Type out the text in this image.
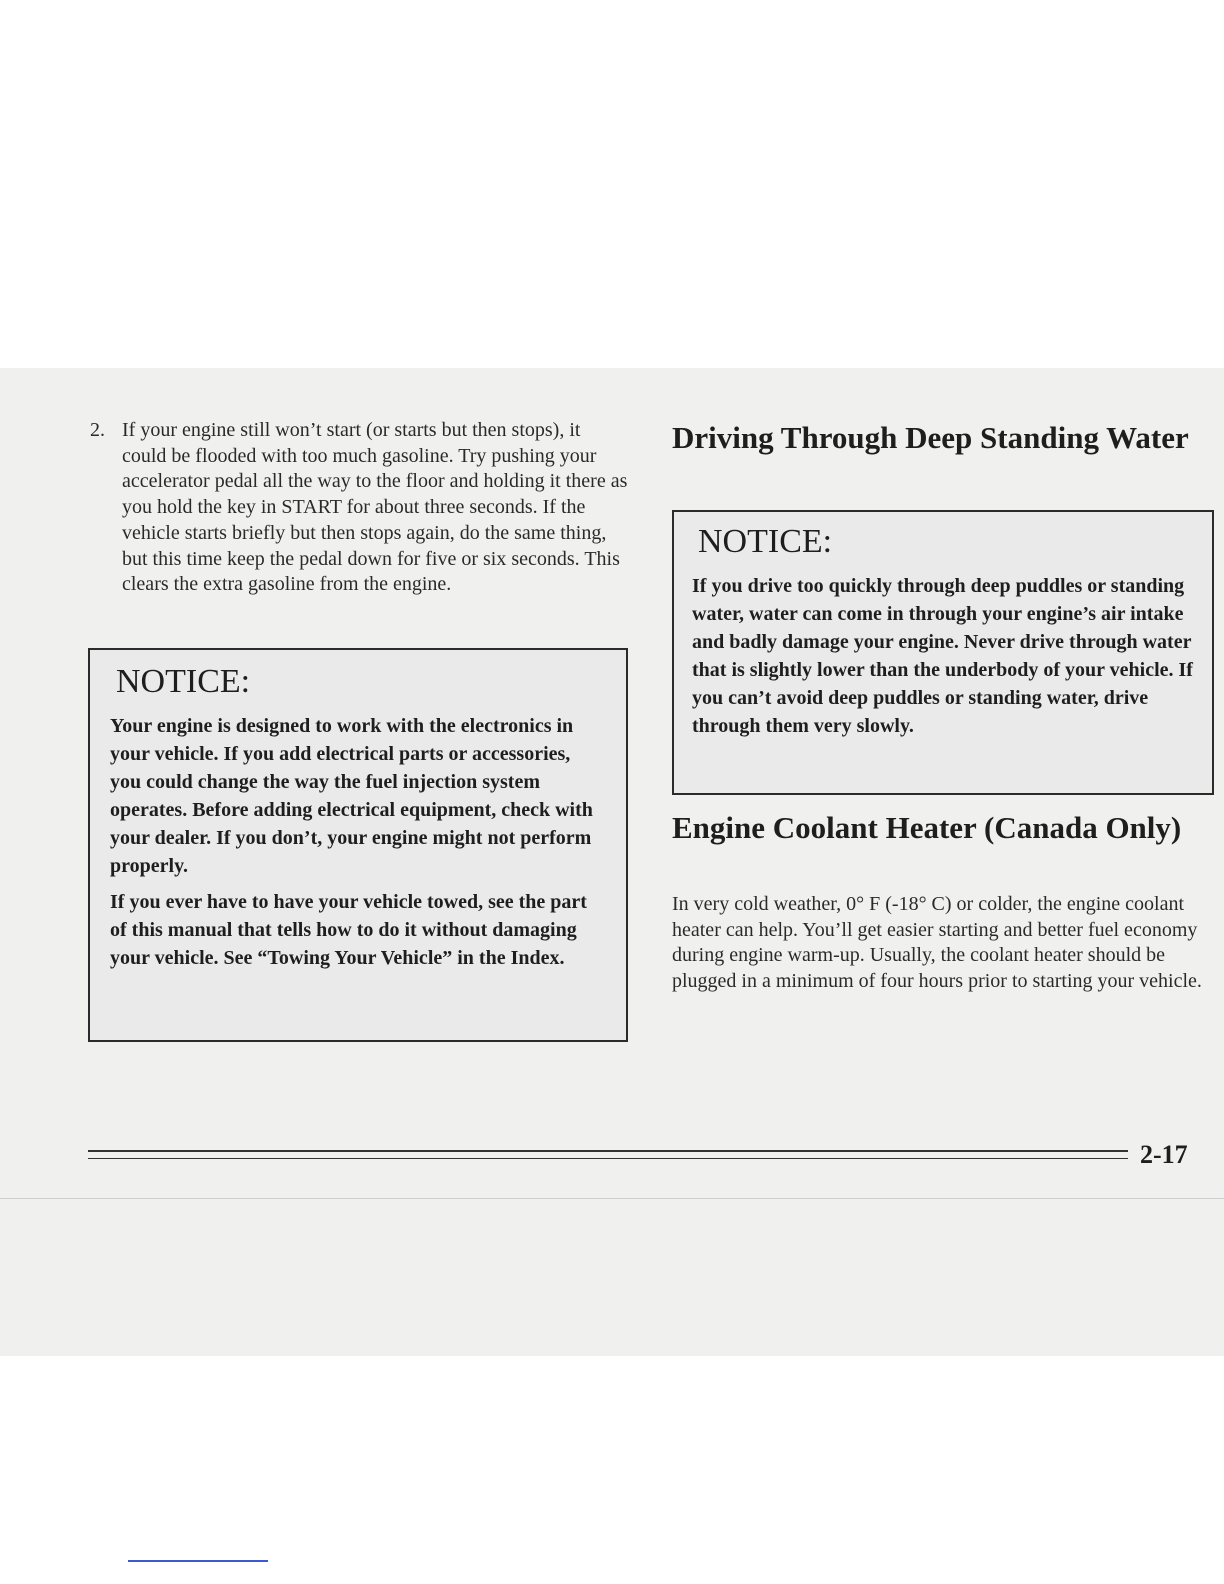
2. If your engine still won’t start (or starts but then stops), it could be flooded with too much gasoline. Try pushing your accelerator pedal all the way to the floor and holding it there as you hold the key in START for about three seconds. If the vehicle starts briefly but then stops again, do the same thing, but this time keep the pedal down for five or six seconds. This clears the extra gasoline from the engine.

NOTICE:

Your engine is designed to work with the electronics in your vehicle. If you add electrical parts or accessories, you could change the way the fuel injection system operates. Before adding electrical equipment, check with your dealer. If you don’t, your engine might not perform properly.

If you ever have to have your vehicle towed, see the part of this manual that tells how to do it without damaging your vehicle. See “Towing Your Vehicle” in the Index.

Driving Through Deep Standing Water
NOTICE:

If you drive too quickly through deep puddles or standing water, water can come in through your engine’s air intake and badly damage your engine. Never drive through water that is slightly lower than the underbody of your vehicle. If you can’t avoid deep puddles or standing water, drive through them very slowly.

Engine Coolant Heater (Canada Only)

In very cold weather, 0° F (-18° C) or colder, the engine coolant heater can help. You’ll get easier starting and better fuel economy during engine warm-up. Usually, the coolant heater should be plugged in a minimum of four hours prior to starting your vehicle.

2-17
